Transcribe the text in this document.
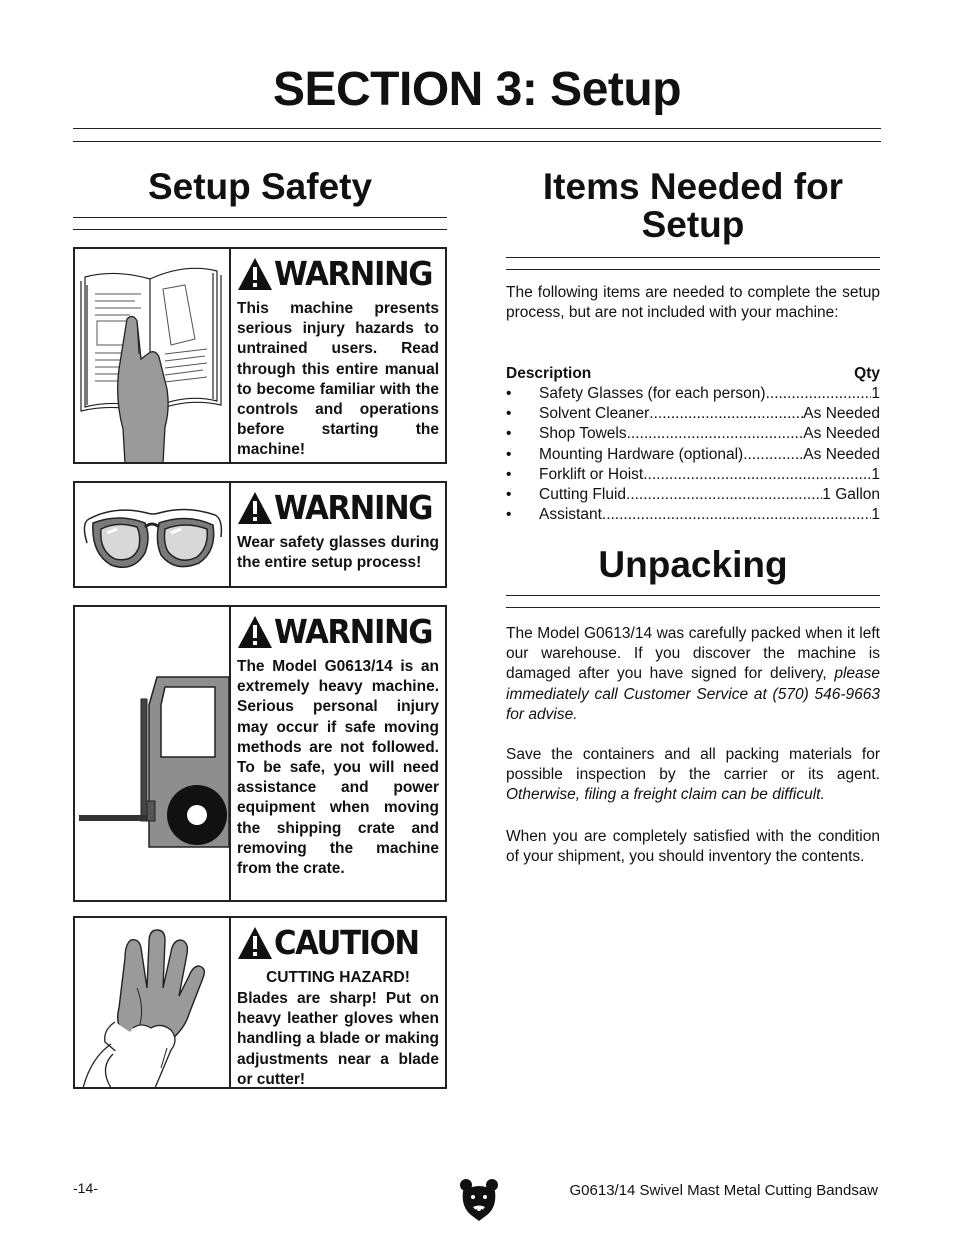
SECTION 3: Setup
Setup Safety
WARNING
This machine presents serious injury hazards to untrained users. Read through this entire manual to become familiar with the controls and operations before starting the machine!
WARNING
Wear safety glasses during the entire setup process!
WARNING
The Model G0613/14 is an extremely heavy machine. Serious personal injury may occur if safe moving methods are not followed. To be safe, you will need assistance and power equipment when moving the shipping crate and removing the machine from the crate.
CAUTION
CUTTING HAZARD!
Blades are sharp! Put on heavy leather gloves when handling a blade or making adjustments near a blade or cutter!
Items Needed for
Setup
The following items are needed to complete the setup process, but are not included with your machine:
Description	Qty
•	Safety Glasses (for each person) .....	1
•	Solvent Cleaner .....	As Needed
•	Shop Towels .....	As Needed
•	Mounting Hardware (optional) .....	As Needed
•	Forklift or Hoist .....	1
•	Cutting Fluid .....	1 Gallon
•	Assistant .....	1
Unpacking
The Model G0613/14 was carefully packed when it left our warehouse. If you discover the machine is damaged after you have signed for delivery, please immediately call Customer Service at (570) 546-9663 for advise.
Save the containers and all packing materials for possible inspection by the carrier or its agent. Otherwise, filing a freight claim can be difficult.
When you are completely satisfied with the condition of your shipment, you should inventory the contents.
-14-	G0613/14 Swivel Mast Metal Cutting Bandsaw
